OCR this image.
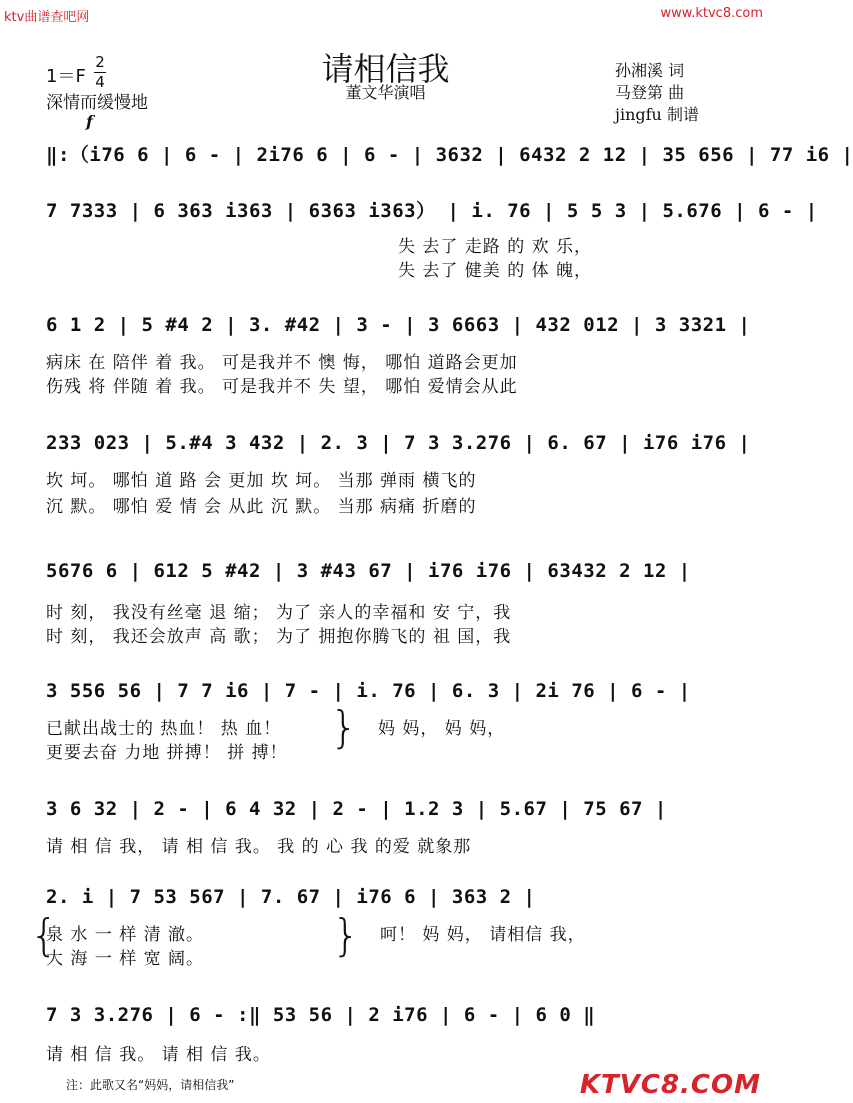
ktv曲谱查吧网	www.ktvc8.com
请相信我
董文华演唱
1＝F
2
4
深情而缓慢地
孙湘溪 词
马登第 曲
jingfu 制谱
f
‖:（i76 6 | 6 - | 2i76 6 | 6 - | 3632 | 6432 2 12 | 35 656 | 77 i6 |
7 7333 | 6 363 i363 | 6363 i363） | i. 76 | 5 5 3 | 5.676 | 6 - |
失 去了 走路 的 欢 乐，
失 去了 健美 的 体 魄，
6 1 2 | 5 #4 2 | 3. #42 | 3 - | 3 6663 | 432 012 | 3 3321 |
病床 在 陪伴 着 我。 可是我并不 懊 悔， 哪怕 道路会更加
伤残 将 伴随 着 我。 可是我并不 失 望， 哪怕 爱情会从此
233 023 | 5.#4 3 432 | 2. 3 | 7 3 3.276 | 6. 67 | i76 i76 |
坎 坷。 哪怕 道 路 会 更加 坎 坷。 当那 弹雨 横飞的
沉 默。 哪怕 爱 情 会 从此 沉 默。 当那 病痛 折磨的
5676 6 | 612 5 #42 | 3 #43 67 | i76 i76 | 63432 2 12 |
时 刻， 我没有丝毫 退 缩； 为了 亲人的幸福和 安 宁，我
时 刻， 我还会放声 高 歌； 为了 拥抱你腾飞的 祖 国，我
3 556 56 | 7 7 i6 | 7 - | i. 76 | 6. 3 | 2i 76 | 6 - |
已献出战士的 热血！ 热 血！
更要去奋 力地 拼搏！ 拼 搏！ } 妈 妈， 妈 妈，
3 6 32 | 2 - | 6 4 32 | 2 - | 1.2 3 | 5.67 | 75 67 |
请 相 信 我， 请 相 信 我。 我 的 心 我 的爱 就象那
2. i | 7 53 567 | 7. 67 | i76 6 | 363 2 |
{
泉 水 一 样 清 澈。
大 海 一 样 宽 阔。	} 呵！ 妈 妈， 请相信 我，
7 3 3.276 | 6 - :‖ 53 56 | 2 i76 | 6 - | 6 0 ‖
请 相 信 我。 请 相 信 我。
注：此歌又名“妈妈，请相信我”	KTVC8.COM
